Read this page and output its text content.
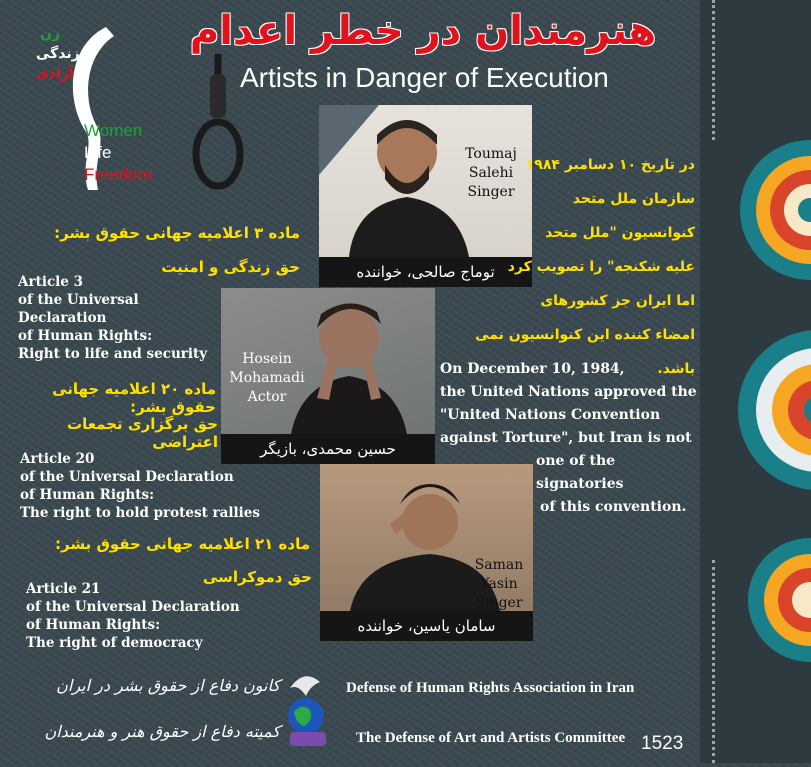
زن
زندگی
آزادی
Women
Life
Freedom
هنرمندان در خطر اعدام
Artists in Danger of Execution
ماده ۳ اعلامیه جهانی حقوق بشر:
حق زندگی و امنیت
Article 3
of the Universal Declaration
of Human Rights:
Right to life and security
ماده ۲۰ اعلامیه جهانی حقوق بشر:
حق برگزاری تجمعات اعتراضی
Article 20
of the Universal Declaration
of Human Rights:
The right to hold protest rallies
ماده ۲۱ اعلامیه جهانی حقوق بشر:
حق دموکراسی
Article 21
of the Universal Declaration
of Human Rights:
The right of democracy
Toumaj
Salehi
Singer
توماج صالحی، خواننده
Hosein
Mohamadi
Actor
حسین محمدی، بازیگر
Saman
Yasin
Singer
سامان یاسین، خواننده
در تاریخ ۱۰ دسامبر ۱۹۸۴
سازمان ملل متحد
کنوانسیون "ملل متحد
علیه شکنجه" را تصویب کرد
اما ایران جز کشورهای
امضاء کننده این کنوانسیون نمی باشد.
On December 10, 1984,
the United Nations approved the
"United Nations Convention
against Torture", but Iran is not
one of the signatories
of this convention.
کانون دفاع از حقوق بشر در ایران
کمیته دفاع از حقوق هنر و هنرمندان
Defense of Human Rights Association in Iran
The Defense of Art and Artists Committee 1523
